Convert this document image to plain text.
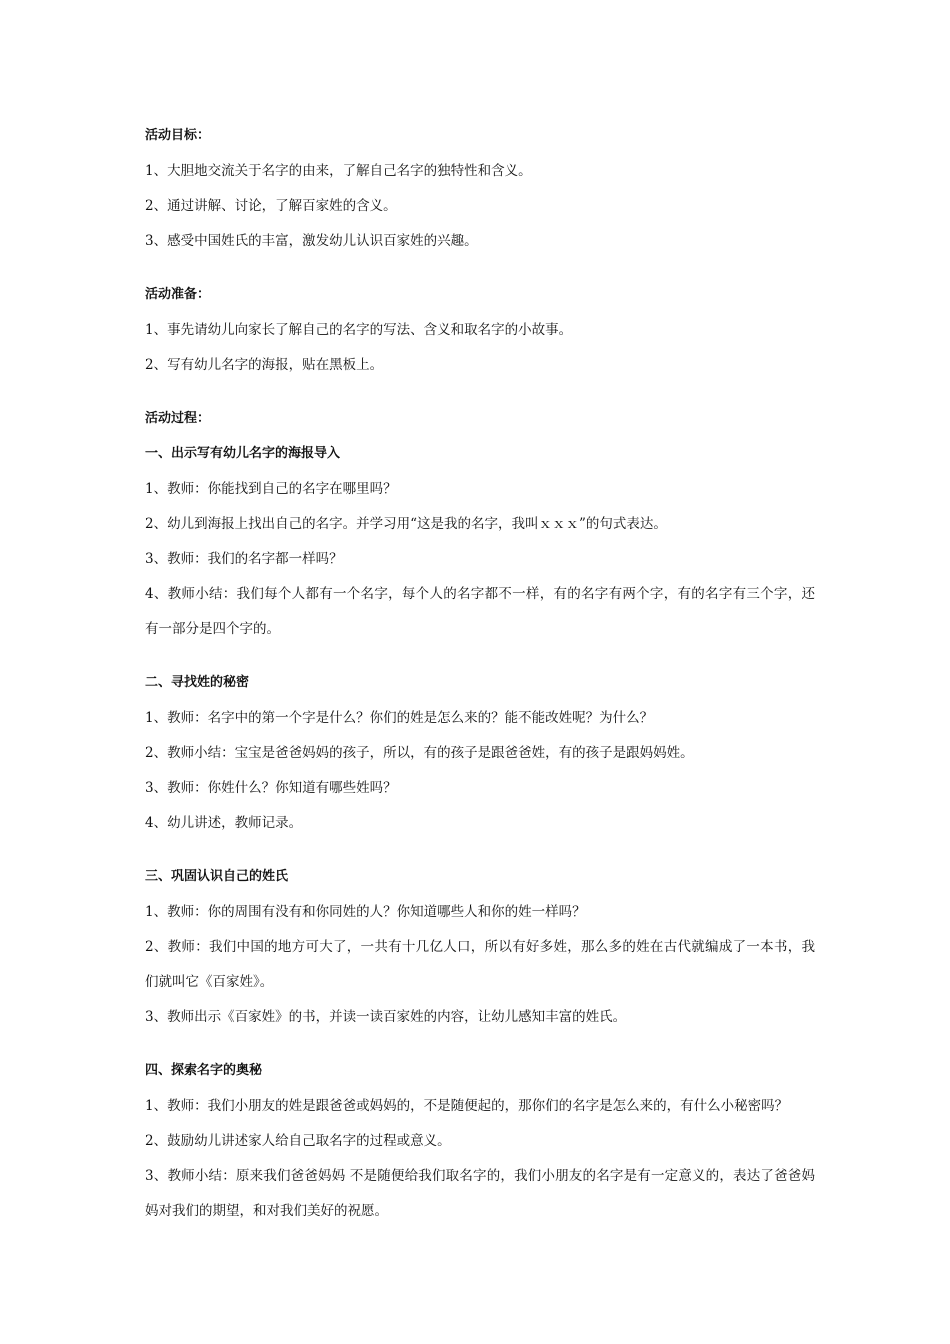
活动目标：
1、大胆地交流关于名字的由来，了解自己名字的独特性和含义。
2、通过讲解、讨论，了解百家姓的含义。
3、感受中国姓氏的丰富，激发幼儿认识百家姓的兴趣。
活动准备：
1、事先请幼儿向家长了解自己的名字的写法、含义和取名字的小故事。
2、写有幼儿名字的海报，贴在黑板上。
活动过程：
一、出示写有幼儿名字的海报导入
1、教师：你能找到自己的名字在哪里吗？
2、幼儿到海报上找出自己的名字。并学习用“这是我的名字，我叫ｘｘｘ”的句式表达。
3、教师：我们的名字都一样吗？
4、教师小结：我们每个人都有一个名字，每个人的名字都不一样，有的名字有两个字，有的名字有三个字，还有一部分是四个字的。
二、寻找姓的秘密
1、教师：名字中的第一个字是什么？你们的姓是怎么来的？能不能改姓呢？为什么？
2、教师小结：宝宝是爸爸妈妈的孩子，所以，有的孩子是跟爸爸姓，有的孩子是跟妈妈姓。
3、教师：你姓什么？你知道有哪些姓吗？
4、幼儿讲述，教师记录。
三、巩固认识自己的姓氏
1、教师：你的周围有没有和你同姓的人？你知道哪些人和你的姓一样吗？
2、教师：我们中国的地方可大了，一共有十几亿人口，所以有好多姓，那么多的姓在古代就编成了一本书，我们就叫它《百家姓》。
3、教师出示《百家姓》的书，并读一读百家姓的内容，让幼儿感知丰富的姓氏。
四、探索名字的奥秘
1、教师：我们小朋友的姓是跟爸爸或妈妈的，不是随便起的，那你们的名字是怎么来的，有什么小秘密吗？
2、鼓励幼儿讲述家人给自己取名字的过程或意义。
3、教师小结：原来我们爸爸妈妈 不是随便给我们取名字的，我们小朋友的名字是有一定意义的，表达了爸爸妈妈对我们的期望，和对我们美好的祝愿。
